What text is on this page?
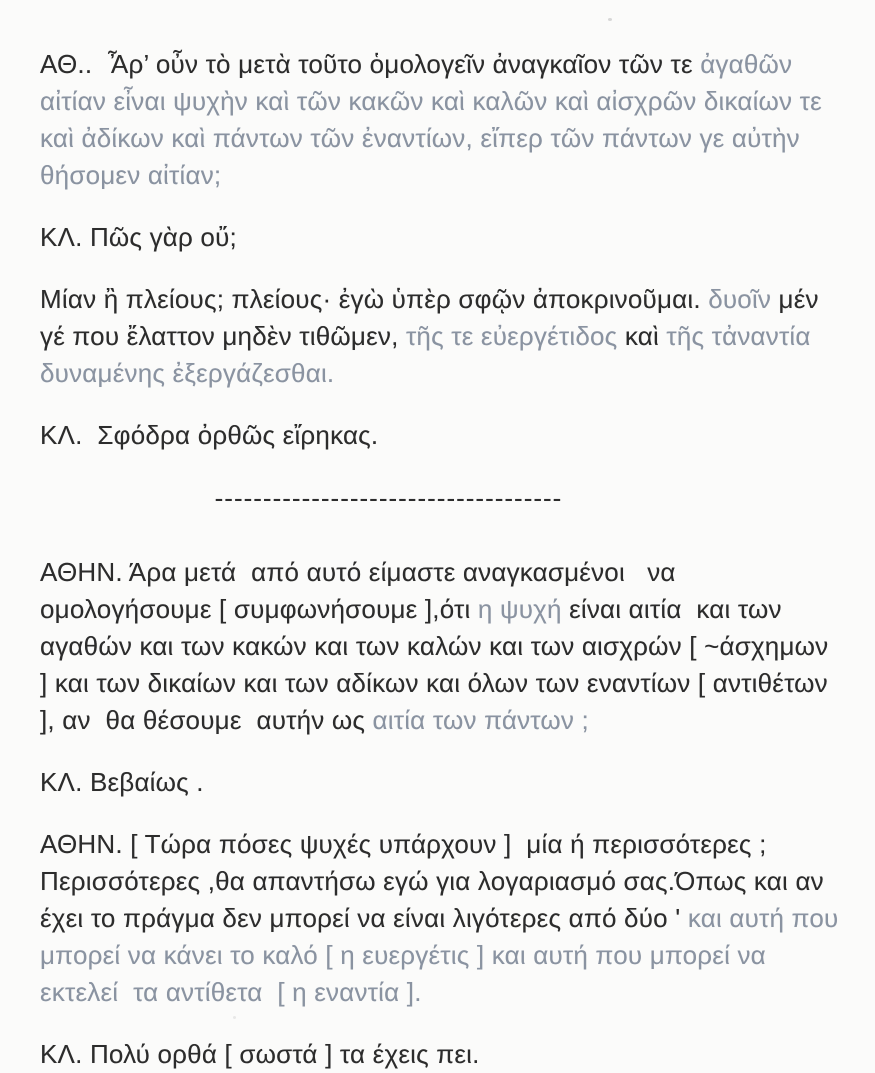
ΑΘ..  Ἆρ’ οὖν τὸ μετὰ τοῦτο ὁμολογεῖν ἀναγκαῖον τῶν τε ἀγαθῶν αἰτίαν εἶναι ψυχὴν καὶ τῶν κακῶν καὶ καλῶν καὶ αἰσχρῶν δικαίων τε καὶ ἀδίκων καὶ πάντων τῶν ἐναντίων, εἴπερ τῶν πάντων γε αὐτὴν θήσομεν αἰτίαν;

ΚΛ. Πῶς γὰρ οὔ;

Μίαν ἢ πλείους; πλείους· ἐγὼ ὑπὲρ σφῷν ἀποκρινοῦμαι. δυοῖν μέν γέ που ἔλαττον μηδὲν τιθῶμεν, τῆς τε εὐεργέτιδος καὶ τῆς τἀναντία δυναμένης ἐξεργάζεσθαι.

ΚΛ.  Σφόδρα ὀρθῶς εἴρηκας.

------------------------------------

ΑΘΗΝ. Άρα μετά  από αυτό είμαστε αναγκασμένοι   να ομολογήσουμε [ συμφωνήσουμε ],ότι η ψυχή είναι αιτία  και των αγαθών και των κακών και των καλών και των αισχρών [ ~άσχημων ] και των δικαίων και των αδίκων και όλων των εναντίων [ αντιθέτων ], αν  θα θέσουμε  αυτήν ως αιτία των πάντων ;

ΚΛ. Βεβαίως .

ΑΘΗΝ. [ Τώρα πόσες ψυχές υπάρχουν ]  μία ή περισσότερες ; Περισσότερες ,θα απαντήσω εγώ για λογαριασμό σας.Όπως και αν έχει το πράγμα δεν μπορεί να είναι λιγότερες από δύο ' και αυτή που μπορεί να κάνει το καλό [ η ευεργέτις ] και αυτή που μπορεί να εκτελεί  τα αντίθετα  [ η εναντία ].

ΚΛ. Πολύ ορθά [ σωστά ] τα έχεις πει.
